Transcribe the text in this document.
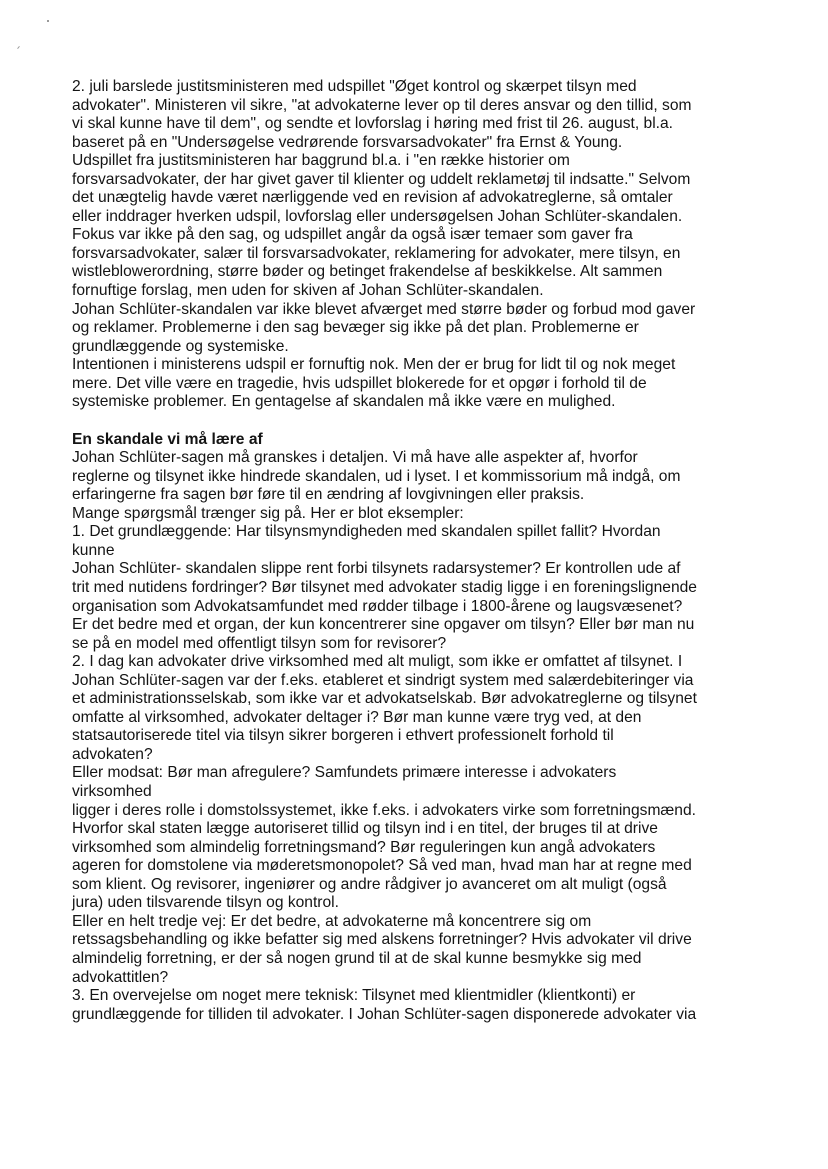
2. juli barslede justitsministeren med udspillet "Øget kontrol og skærpet tilsyn med
advokater". Ministeren vil sikre, "at advokaterne lever op til deres ansvar og den tillid, som
vi skal kunne have til dem", og sendte et lovforslag i høring med frist til 26. august, bl.a.
baseret på en "Undersøgelse vedrørende forsvarsadvokater" fra Ernst & Young.
Udspillet fra justitsministeren har baggrund bl.a. i "en række historier om
forsvarsadvokater, der har givet gaver til klienter og uddelt reklametøj til indsatte." Selvom
det unægtelig havde været nærliggende ved en revision af advokatreglerne, så omtaler
eller inddrager hverken udspil, lovforslag eller undersøgelsen Johan Schlüter-skandalen.
Fokus var ikke på den sag, og udspillet angår da også især temaer som gaver fra
forsvarsadvokater, salær til forsvarsadvokater, reklamering for advokater, mere tilsyn, en
wistleblowerordning, større bøder og betinget frakendelse af beskikkelse. Alt sammen
fornuftige forslag, men uden for skiven af Johan Schlüter-skandalen.
Johan Schlüter-skandalen var ikke blevet afværget med større bøder og forbud mod gaver
og reklamer. Problemerne i den sag bevæger sig ikke på det plan. Problemerne er
grundlæggende og systemiske.
Intentionen i ministerens udspil er fornuftig nok. Men der er brug for lidt til og nok meget
mere. Det ville være en tragedie, hvis udspillet blokerede for et opgør i forhold til de
systemiske problemer. En gentagelse af skandalen må ikke være en mulighed.
En skandale vi må lære af
Johan Schlüter-sagen må granskes i detaljen. Vi må have alle aspekter af, hvorfor
reglerne og tilsynet ikke hindrede skandalen, ud i lyset. I et kommissorium må indgå, om
erfaringerne fra sagen bør føre til en ændring af lovgivningen eller praksis.
Mange spørgsmål trænger sig på. Her er blot eksempler:
1. Det grundlæggende: Har tilsynsmyndigheden med skandalen spillet fallit? Hvordan
kunne
Johan Schlüter- skandalen slippe rent forbi tilsynets radarsystemer? Er kontrollen ude af
trit med nutidens fordringer? Bør tilsynet med advokater stadig ligge i en foreningslignende
organisation som Advokatsamfundet med rødder tilbage i 1800-årene og laugsvæsenet?
Er det bedre med et organ, der kun koncentrerer sine opgaver om tilsyn? Eller bør man nu
se på en model med offentligt tilsyn som for revisorer?
2. I dag kan advokater drive virksomhed med alt muligt, som ikke er omfattet af tilsynet. I
Johan Schlüter-sagen var der f.eks. etableret et sindrigt system med salærdebiteringer via
et administrationsselskab, som ikke var et advokatselskab. Bør advokatreglerne og tilsynet
omfatte al virksomhed, advokater deltager i? Bør man kunne være tryg ved, at den
statsautoriserede titel via tilsyn sikrer borgeren i ethvert professionelt forhold til
advokaten?
Eller modsat: Bør man afregulere? Samfundets primære interesse i advokaters
virksomhed
ligger i deres rolle i domstolssystemet, ikke f.eks. i advokaters virke som forretningsmænd.
Hvorfor skal staten lægge autoriseret tillid og tilsyn ind i en titel, der bruges til at drive
virksomhed som almindelig forretningsmand? Bør reguleringen kun angå advokaters
ageren for domstolene via møderetsmonopolet? Så ved man, hvad man har at regne med
som klient. Og revisorer, ingeniører og andre rådgiver jo avanceret om alt muligt (også
jura) uden tilsvarende tilsyn og kontrol.
Eller en helt tredje vej: Er det bedre, at advokaterne må koncentrere sig om
retssagsbehandling og ikke befatter sig med alskens forretninger? Hvis advokater vil drive
almindelig forretning, er der så nogen grund til at de skal kunne besmykke sig med
advokattitlen?
3. En overvejelse om noget mere teknisk: Tilsynet med klientmidler (klientkonti) er
grundlæggende for tilliden til advokater. I Johan Schlüter-sagen disponerede advokater via
